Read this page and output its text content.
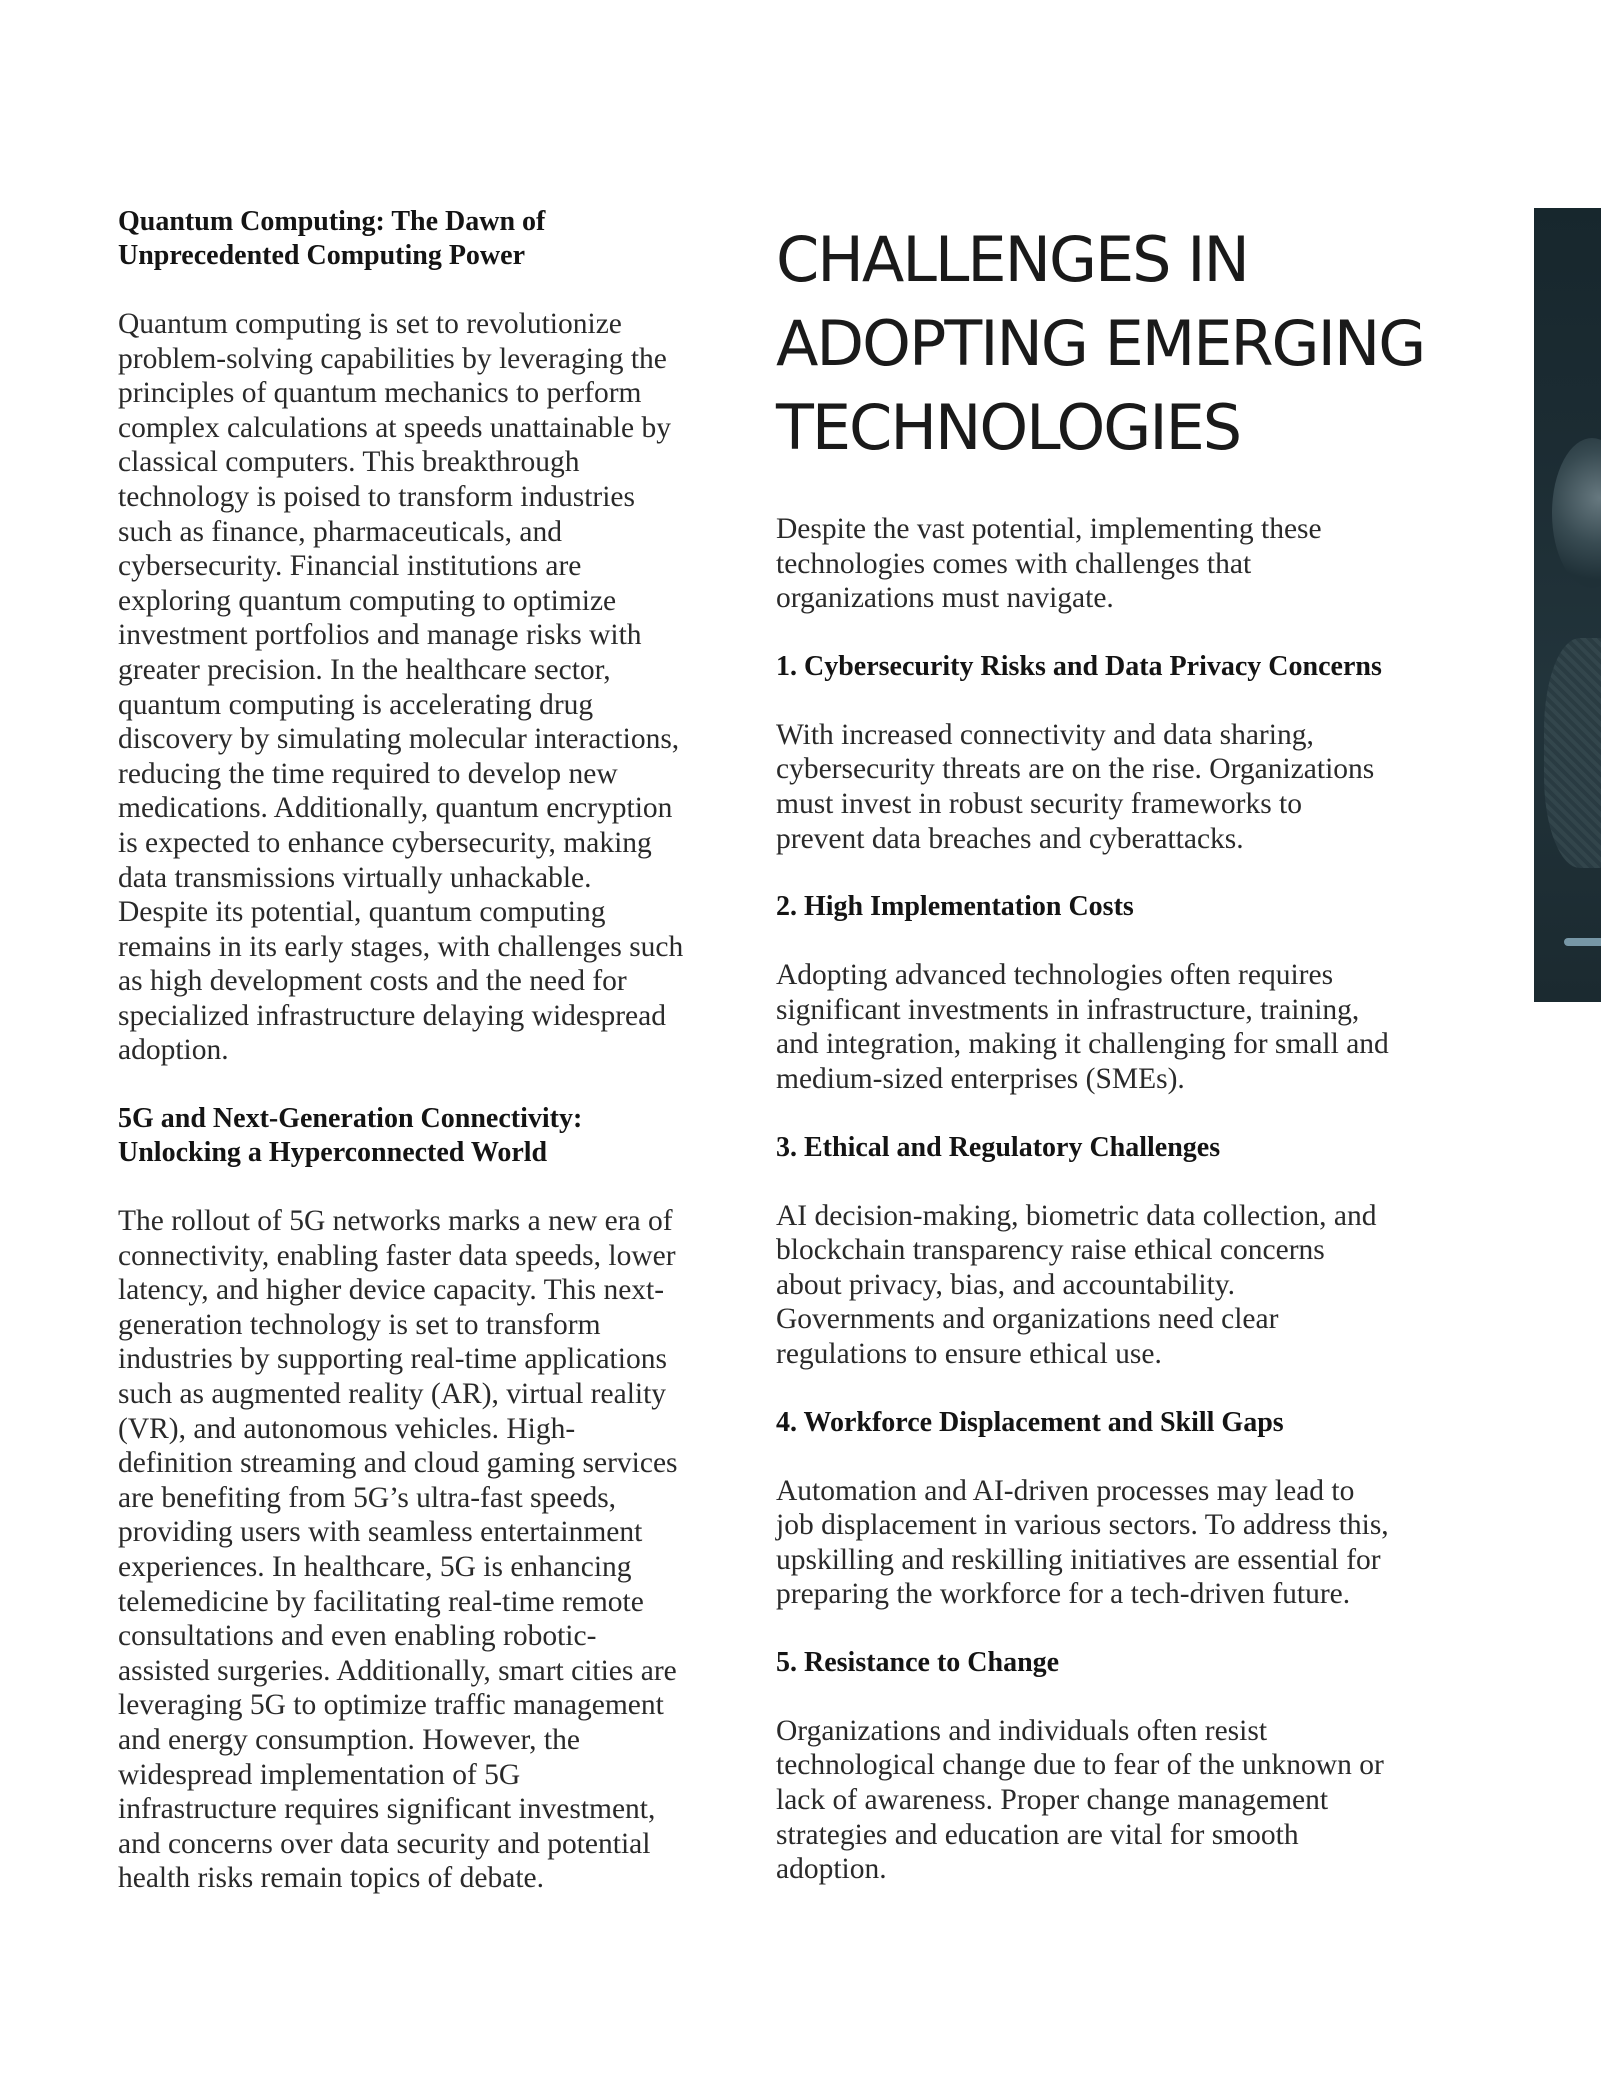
Quantum Computing: The Dawn of
Unprecedented Computing Power

Quantum computing is set to revolutionize
problem-solving capabilities by leveraging the
principles of quantum mechanics to perform
complex calculations at speeds unattainable by
classical computers. This breakthrough
technology is poised to transform industries
such as finance, pharmaceuticals, and
cybersecurity. Financial institutions are
exploring quantum computing to optimize
investment portfolios and manage risks with
greater precision. In the healthcare sector,
quantum computing is accelerating drug
discovery by simulating molecular interactions,
reducing the time required to develop new
medications. Additionally, quantum encryption
is expected to enhance cybersecurity, making
data transmissions virtually unhackable.
Despite its potential, quantum computing
remains in its early stages, with challenges such
as high development costs and the need for
specialized infrastructure delaying widespread
adoption.

5G and Next-Generation Connectivity:
Unlocking a Hyperconnected World

The rollout of 5G networks marks a new era of
connectivity, enabling faster data speeds, lower
latency, and higher device capacity. This next-
generation technology is set to transform
industries by supporting real-time applications
such as augmented reality (AR), virtual reality
(VR), and autonomous vehicles. High-
definition streaming and cloud gaming services
are benefiting from 5G’s ultra-fast speeds,
providing users with seamless entertainment
experiences. In healthcare, 5G is enhancing
telemedicine by facilitating real-time remote
consultations and even enabling robotic-
assisted surgeries. Additionally, smart cities are
leveraging 5G to optimize traffic management
and energy consumption. However, the
widespread implementation of 5G
infrastructure requires significant investment,
and concerns over data security and potential
health risks remain topics of debate.

CHALLENGES IN
ADOPTING EMERGING
TECHNOLOGIES

Despite the vast potential, implementing these
technologies comes with challenges that
organizations must navigate.

1. Cybersecurity Risks and Data Privacy Concerns

With increased connectivity and data sharing,
cybersecurity threats are on the rise. Organizations
must invest in robust security frameworks to
prevent data breaches and cyberattacks.

2. High Implementation Costs

Adopting advanced technologies often requires
significant investments in infrastructure, training,
and integration, making it challenging for small and
medium-sized enterprises (SMEs).

3. Ethical and Regulatory Challenges

AI decision-making, biometric data collection, and
blockchain transparency raise ethical concerns
about privacy, bias, and accountability.
Governments and organizations need clear
regulations to ensure ethical use.

4. Workforce Displacement and Skill Gaps

Automation and AI-driven processes may lead to
job displacement in various sectors. To address this,
upskilling and reskilling initiatives are essential for
preparing the workforce for a tech-driven future.

5. Resistance to Change

Organizations and individuals often resist
technological change due to fear of the unknown or
lack of awareness. Proper change management
strategies and education are vital for smooth
adoption.
